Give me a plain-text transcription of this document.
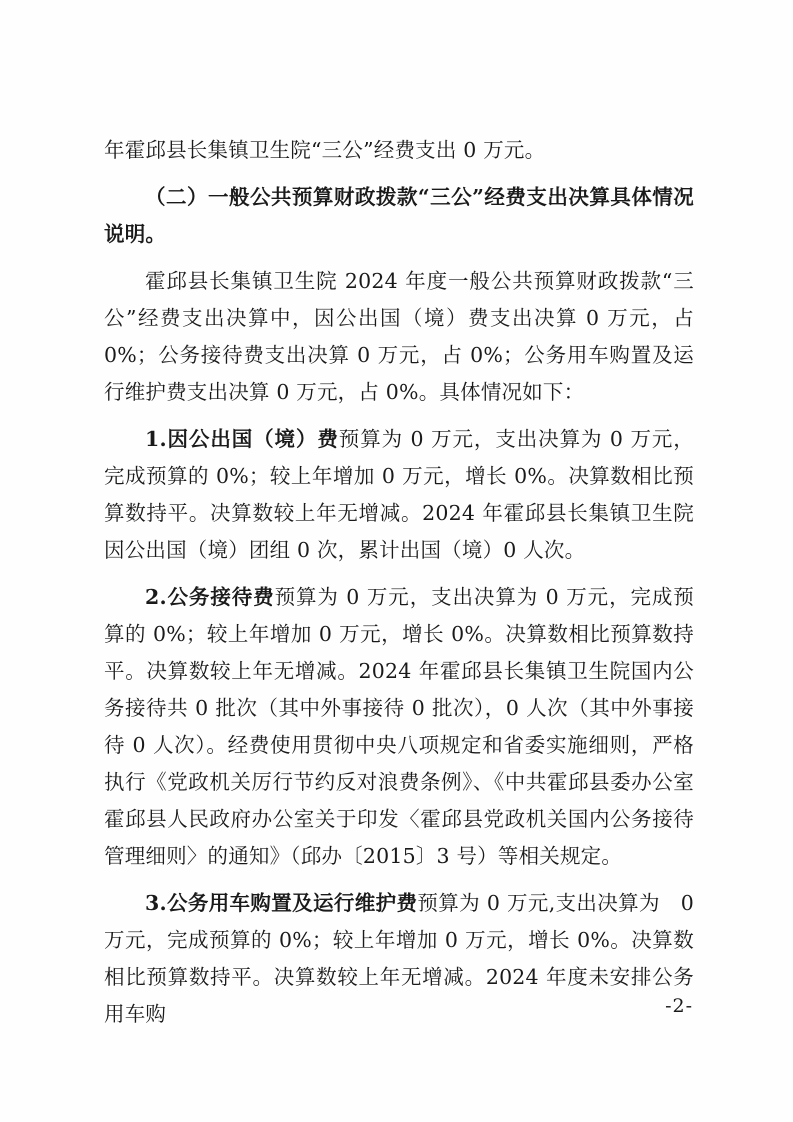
年霍邱县长集镇卫生院“三公”经费支出 0 万元。

（二）一般公共预算财政拨款“三公”经费支出决算具体情况说明。

霍邱县长集镇卫生院 2024 年度一般公共预算财政拨款“三公”经费支出决算中，因公出国（境）费支出决算 0 万元，占 0%；公务接待费支出决算 0 万元，占 0%；公务用车购置及运行维护费支出决算 0 万元，占 0%。具体情况如下：

1.因公出国（境）费预算为 0 万元，支出决算为 0 万元，完成预算的 0%；较上年增加 0 万元，增长 0%。决算数相比预算数持平。决算数较上年无增减。2024 年霍邱县长集镇卫生院因公出国（境）团组 0 次，累计出国（境）0 人次。

2.公务接待费预算为 0 万元，支出决算为 0 万元，完成预算的 0%；较上年增加 0 万元，增长 0%。决算数相比预算数持平。决算数较上年无增减。2024 年霍邱县长集镇卫生院国内公务接待共 0 批次（其中外事接待 0 批次），0 人次（其中外事接待 0 人次）。经费使用贯彻中央八项规定和省委实施细则，严格执行《党政机关厉行节约反对浪费条例》、《中共霍邱县委办公室 霍邱县人民政府办公室关于印发〈霍邱县党政机关国内公务接待管理细则〉的通知》（邱办〔2015〕3 号）等相关规定。

3.公务用车购置及运行维护费预算为 0 万元,支出决算为　0 万元，完成预算的 0%；较上年增加 0 万元，增长 0%。决算数相比预算数持平。决算数较上年无增减。2024 年度未安排公务用车购	-2-
